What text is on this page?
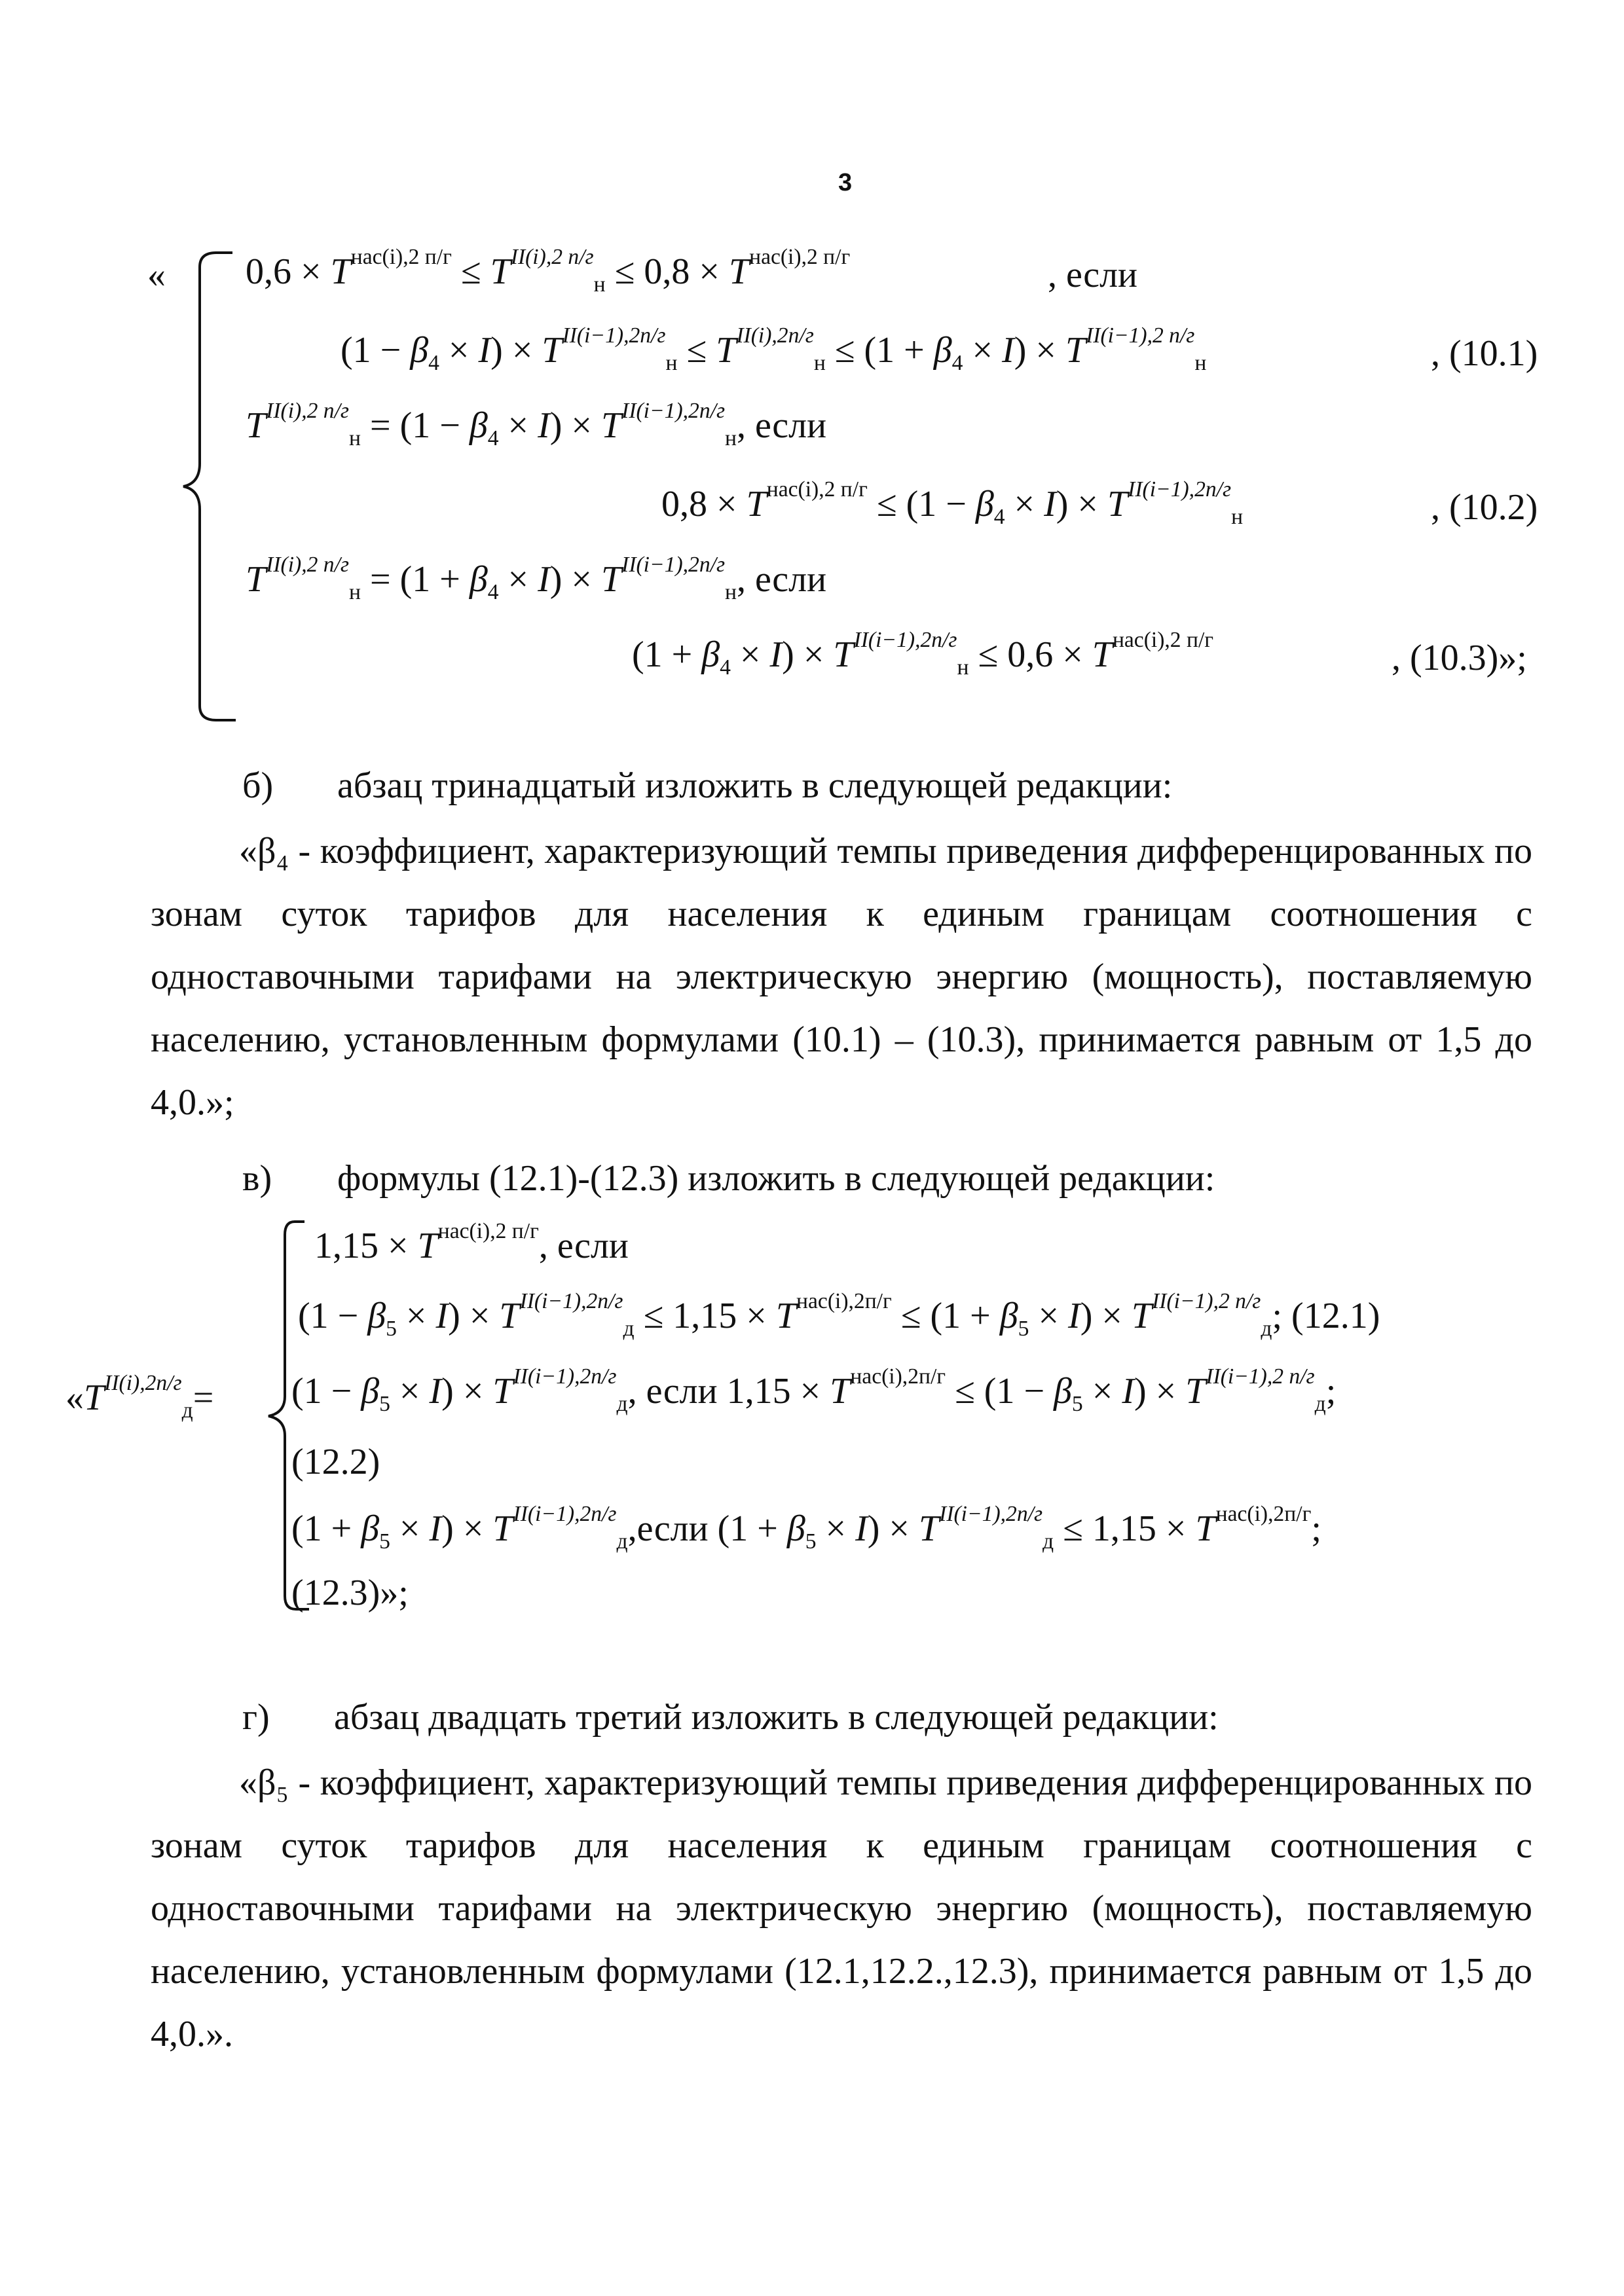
3
« $0,6 \times T^{нас(i),2 п/г} \le T^{II(i),2 п/г}_н \le 0,8 \times T^{нас(i),2 п/г}$	, если
$(1 - \beta_4 \times I) \times T^{II(i-1),2п/г}_н \le T^{II(i),2п/г}_н \le (1 + \beta_4 \times I) \times T^{II(i-1),2 п/г}_н$	, (10.1)
$T^{II(i),2 п/г}_н = (1 - \beta_4 \times I) \times T^{II(i-1),2п/г}_н$, если
$0,8 \times T^{нас(i),2 п/г} \le (1 - \beta_4 \times I) \times T^{II(i-1),2п/г}_н$	, (10.2)
$T^{II(i),2 п/г}_н = (1 + \beta_4 \times I) \times T^{II(i-1),2п/г}_н$, если
$(1 + \beta_4 \times I) \times T^{II(i-1),2п/г}_н \le 0,6 \times T^{нас(i),2 п/г}$	, (10.3)»;
б) абзац тринадцатый изложить в следующей редакции:
«β₄ - коэффициент, характеризующий темпы приведения дифференцированных по зонам суток тарифов для населения к единым границам соотношения с одноставочными тарифами на электрическую энергию (мощность), поставляемую населению, установленным формулами (10.1) – (10.3), принимается равным от 1,5 до 4,0.»;
в) формулы (12.1)-(12.3) изложить в следующей редакции:
«$T^{II(i),2п/г}_д=$
$1,15 \times T^{нас(i),2 п/г}$, если
$(1 - \beta_5 \times I) \times T^{II(i-1),2п/г}_д \le 1,15 \times T^{нас(i),2п/г} \le (1 + \beta_5 \times I) \times T^{II(i-1),2 п/г}_д$; (12.1)
$(1 - \beta_5 \times I) \times T^{II(i-1),2п/г}_д$, если $1,15 \times T^{нас(i),2п/г} \le (1 - \beta_5 \times I) \times T^{II(i-1),2 п/г}_д$;
(12.2)
$(1 + \beta_5 \times I)$ × $T^{II(i-1),2п/г}_д,если$ $(1 + \beta_5 \times I) \times T^{II(i-1),2п/г}_д \le 1,15 \times T^{нас(i),2п/г}$;
(12.3)»;
г) абзац двадцать третий изложить в следующей редакции:
«β₅ - коэффициент, характеризующий темпы приведения дифференцированных по зонам суток тарифов для населения к единым границам соотношения с одноставочными тарифами на электрическую энергию (мощность), поставляемую населению, установленным формулами (12.1,12.2.,12.3), принимается равным от 1,5 до 4,0.».
